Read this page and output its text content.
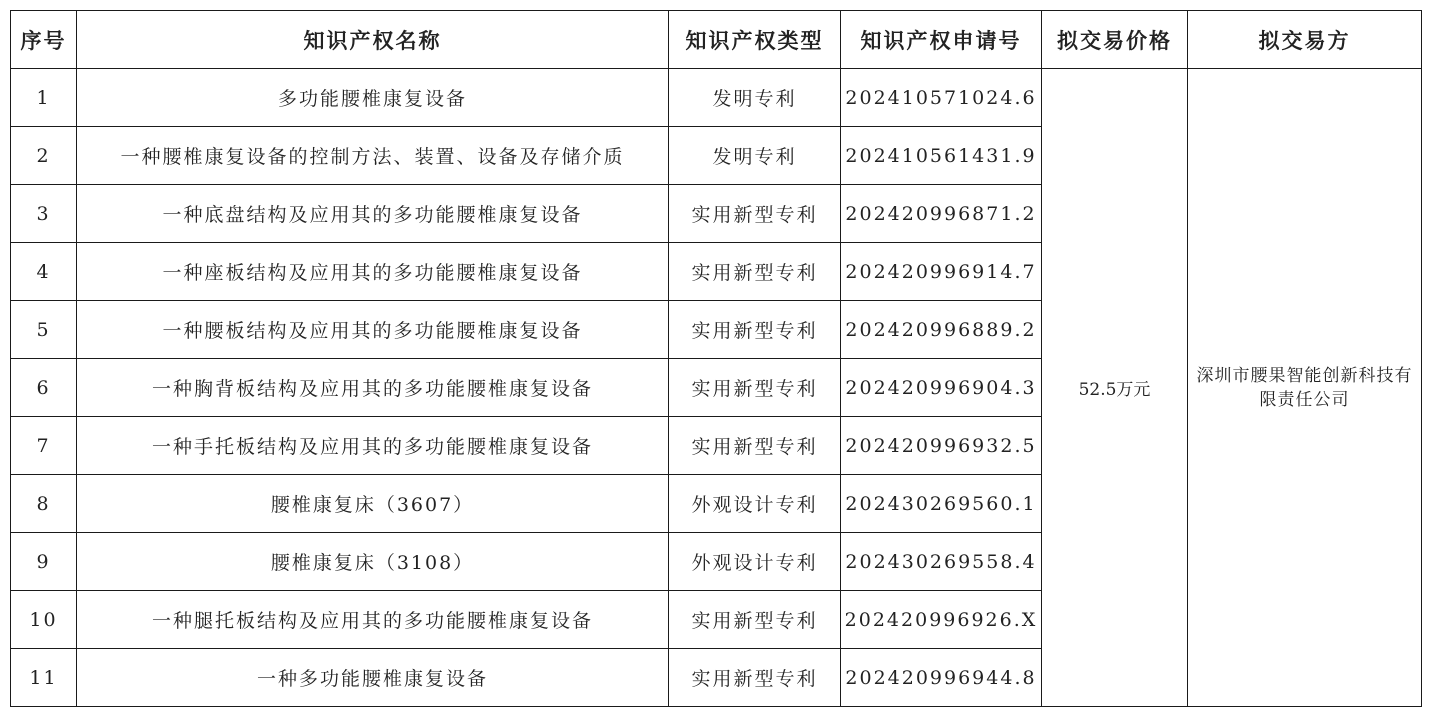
序号	知识产权名称	知识产权类型	知识产权申请号	拟交易价格	拟交易方
1	多功能腰椎康复设备	发明专利	202410571024.6	52.5万元	深圳市腰果智能创新科技有限责任公司
2	一种腰椎康复设备的控制方法、装置、设备及存储介质	发明专利	202410561431.9		
3	一种底盘结构及应用其的多功能腰椎康复设备	实用新型专利	202420996871.2		
4	一种座板结构及应用其的多功能腰椎康复设备	实用新型专利	202420996914.7		
5	一种腰板结构及应用其的多功能腰椎康复设备	实用新型专利	202420996889.2		
6	一种胸背板结构及应用其的多功能腰椎康复设备	实用新型专利	202420996904.3		
7	一种手托板结构及应用其的多功能腰椎康复设备	实用新型专利	202420996932.5		
8	腰椎康复床（3607）	外观设计专利	202430269560.1		
9	腰椎康复床（3108）	外观设计专利	202430269558.4		
10	一种腿托板结构及应用其的多功能腰椎康复设备	实用新型专利	202420996926.X		
11	一种多功能腰椎康复设备	实用新型专利	202420996944.8		
